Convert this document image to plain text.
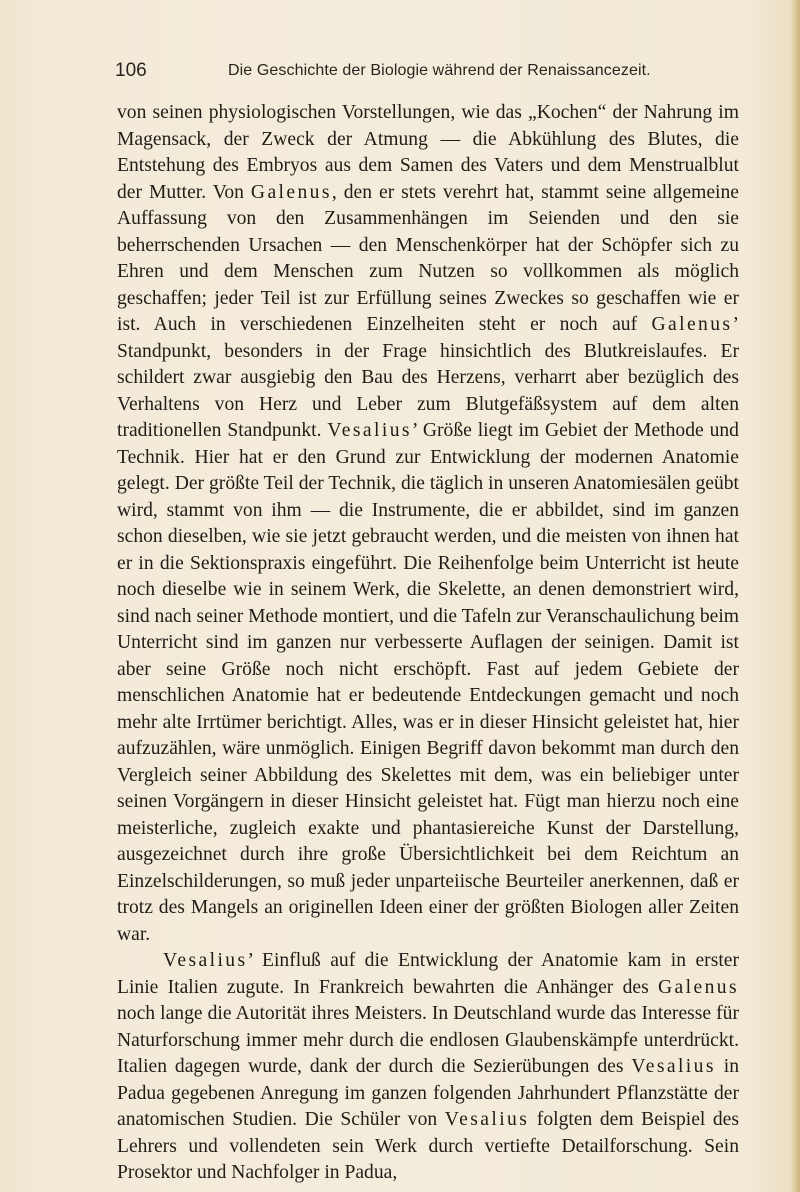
106	Die Geschichte der Biologie während der Renaissancezeit.

von seinen physiologischen Vorstellungen, wie das „Kochen“ der Nahrung im Magensack, der Zweck der Atmung — die Abkühlung des Blutes, die Entstehung des Embryos aus dem Samen des Vaters und dem Menstrualblut der Mutter. Von Galenus, den er stets verehrt hat, stammt seine allgemeine Auffassung von den Zusammenhängen im Seienden und den sie beherrschenden Ursachen — den Menschenkörper hat der Schöpfer sich zu Ehren und dem Menschen zum Nutzen so vollkommen als möglich geschaffen; jeder Teil ist zur Erfüllung seines Zweckes so geschaffen wie er ist. Auch in verschiedenen Einzelheiten steht er noch auf Galenus’ Standpunkt, besonders in der Frage hinsichtlich des Blutkreislaufes. Er schildert zwar ausgiebig den Bau des Herzens, verharrt aber bezüglich des Verhaltens von Herz und Leber zum Blutgefäßsystem auf dem alten traditionellen Standpunkt. Vesalius’ Größe liegt im Gebiet der Methode und Technik. Hier hat er den Grund zur Entwicklung der modernen Anatomie gelegt. Der größte Teil der Technik, die täglich in unseren Anatomiesälen geübt wird, stammt von ihm — die Instrumente, die er abbildet, sind im ganzen schon dieselben, wie sie jetzt gebraucht werden, und die meisten von ihnen hat er in die Sektionspraxis eingeführt. Die Reihenfolge beim Unterricht ist heute noch dieselbe wie in seinem Werk, die Skelette, an denen demonstriert wird, sind nach seiner Methode montiert, und die Tafeln zur Veranschaulichung beim Unterricht sind im ganzen nur verbesserte Auflagen der seinigen. Damit ist aber seine Größe noch nicht erschöpft. Fast auf jedem Gebiete der menschlichen Anatomie hat er bedeutende Entdeckungen gemacht und noch mehr alte Irrtümer berichtigt. Alles, was er in dieser Hinsicht geleistet hat, hier aufzuzählen, wäre unmöglich. Einigen Begriff davon bekommt man durch den Vergleich seiner Abbildung des Skelettes mit dem, was ein beliebiger unter seinen Vorgängern in dieser Hinsicht geleistet hat. Fügt man hierzu noch eine meisterliche, zugleich exakte und phantasiereiche Kunst der Darstellung, ausgezeichnet durch ihre große Übersichtlichkeit bei dem Reichtum an Einzelschilderungen, so muß jeder unparteiische Beurteiler anerkennen, daß er trotz des Mangels an originellen Ideen einer der größten Biologen aller Zeiten war.

Vesalius’ Einfluß auf die Entwicklung der Anatomie kam in erster Linie Italien zugute. In Frankreich bewahrten die Anhänger des Galenus noch lange die Autorität ihres Meisters. In Deutschland wurde das Interesse für Naturforschung immer mehr durch die endlosen Glaubenskämpfe unterdrückt. Italien dagegen wurde, dank der durch die Sezierübungen des Vesalius in Padua gegebenen Anregung im ganzen folgenden Jahrhundert Pflanzstätte der anatomischen Studien. Die Schüler von Vesalius folgten dem Beispiel des Lehrers und vollendeten sein Werk durch vertiefte Detailforschung. Sein Prosektor und Nachfolger in Padua,
